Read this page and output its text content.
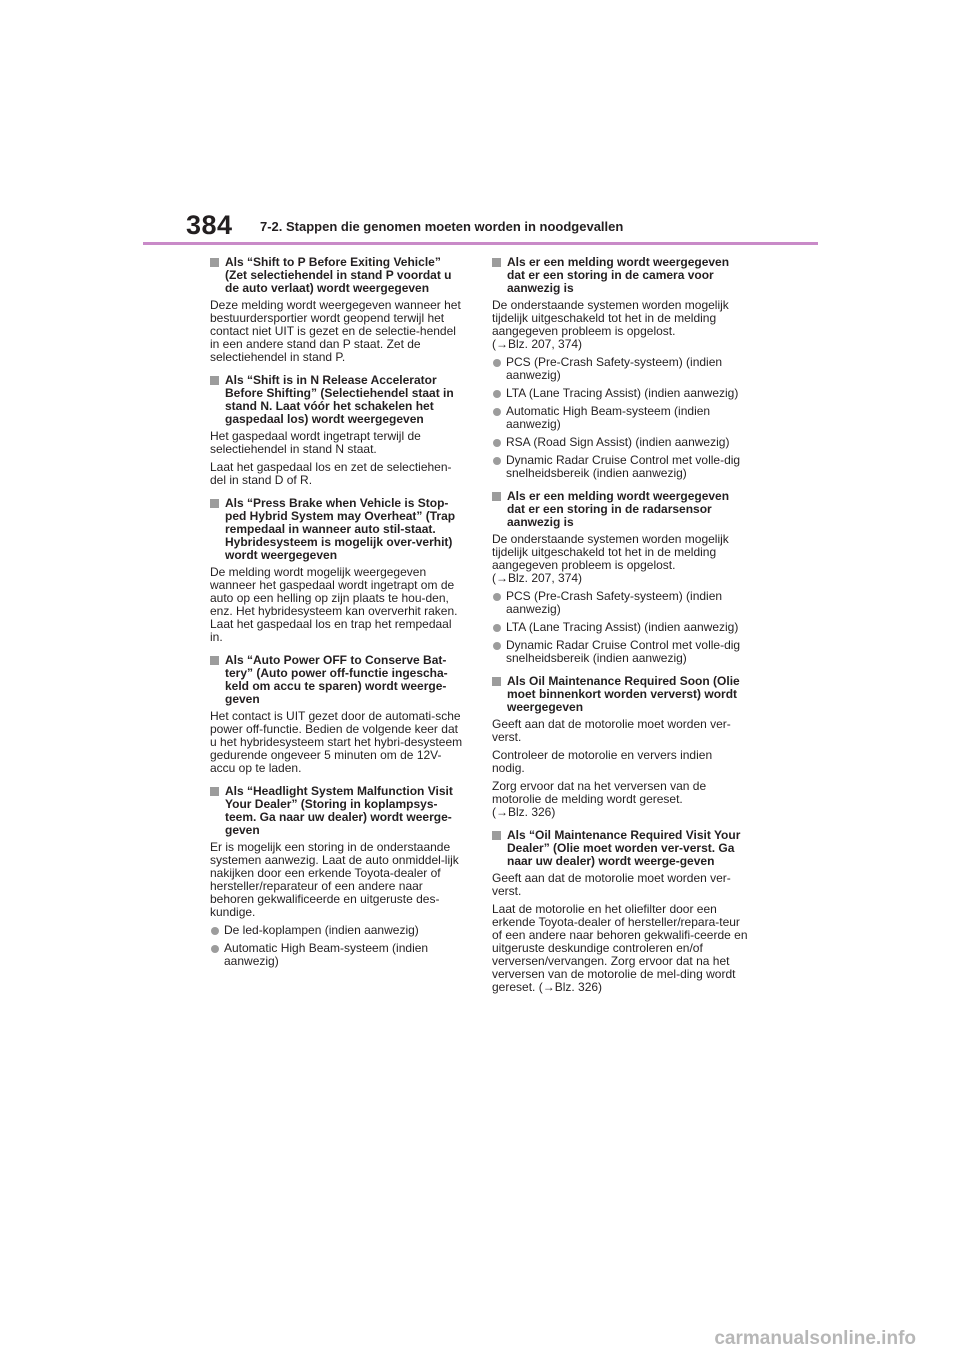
384 7-2. Stappen die genomen moeten worden in noodgevallen
Als “Shift to P Before Exiting Vehicle” (Zet selectiehendel in stand P voordat u de auto verlaat) wordt weergegeven
Deze melding wordt weergegeven wanneer het bestuurdersportier wordt geopend terwijl het contact niet UIT is gezet en de selectie-hendel in een andere stand dan P staat. Zet de selectiehendel in stand P.
Als “Shift is in N Release Accelerator Before Shifting” (Selectiehendel staat in stand N. Laat vóór het schakelen het gaspedaal los) wordt weergegeven
Het gaspedaal wordt ingetrapt terwijl de selectiehendel in stand N staat.
Laat het gaspedaal los en zet de selectiehen-del in stand D of R.
Als “Press Brake when Vehicle is Stop-ped Hybrid System may Overheat” (Trap rempedaal in wanneer auto stil-staat. Hybridesysteem is mogelijk over-verhit) wordt weergegeven
De melding wordt mogelijk weergegeven wanneer het gaspedaal wordt ingetrapt om de auto op een helling op zijn plaats te hou-den, enz. Het hybridesysteem kan oververhit raken. Laat het gaspedaal los en trap het rempedaal in.
Als “Auto Power OFF to Conserve Bat-tery” (Auto power off-functie ingescha-keld om accu te sparen) wordt weerge-geven
Het contact is UIT gezet door de automati-sche power off-functie. Bedien de volgende keer dat u het hybridesysteem start het hybri-desysteem gedurende ongeveer 5 minuten om de 12V-accu op te laden.
Als “Headlight System Malfunction Visit Your Dealer” (Storing in koplampsys-teem. Ga naar uw dealer) wordt weerge-geven
Er is mogelijk een storing in de onderstaande systemen aanwezig. Laat de auto onmiddel-lijk nakijken door een erkende Toyota-dealer of hersteller/reparateur of een andere naar behoren gekwalificeerde en uitgeruste des-kundige.
De led-koplampen (indien aanwezig)
Automatic High Beam-systeem (indien aanwezig)
Als er een melding wordt weergegeven dat er een storing in de camera voor aanwezig is
De onderstaande systemen worden mogelijk tijdelijk uitgeschakeld tot het in de melding aangegeven probleem is opgelost.
(→Blz. 207, 374)
PCS (Pre-Crash Safety-systeem) (indien aanwezig)
LTA (Lane Tracing Assist) (indien aanwezig)
Automatic High Beam-systeem (indien aanwezig)
RSA (Road Sign Assist) (indien aanwezig)
Dynamic Radar Cruise Control met volle-dig snelheidsbereik (indien aanwezig)
Als er een melding wordt weergegeven dat er een storing in de radarsensor aanwezig is
De onderstaande systemen worden mogelijk tijdelijk uitgeschakeld tot het in de melding aangegeven probleem is opgelost.
(→Blz. 207, 374)
PCS (Pre-Crash Safety-systeem) (indien aanwezig)
LTA (Lane Tracing Assist) (indien aanwezig)
Dynamic Radar Cruise Control met volle-dig snelheidsbereik (indien aanwezig)
Als Oil Maintenance Required Soon (Olie moet binnenkort worden ververst) wordt weergegeven
Geeft aan dat de motorolie moet worden ver-verst.
Controleer de motorolie en ververs indien nodig.
Zorg ervoor dat na het verversen van de motorolie de melding wordt gereset.
(→Blz. 326)
Als “Oil Maintenance Required Visit Your Dealer” (Olie moet worden ver-verst. Ga naar uw dealer) wordt weerge-geven
Geeft aan dat de motorolie moet worden ver-verst.
Laat de motorolie en het oliefilter door een erkende Toyota-dealer of hersteller/repara-teur of een andere naar behoren gekwalifi-ceerde en uitgeruste deskundige controleren en/of verversen/vervangen. Zorg ervoor dat na het verversen van de motorolie de mel-ding wordt gereset. (→Blz. 326)
carmanualsonline.info
